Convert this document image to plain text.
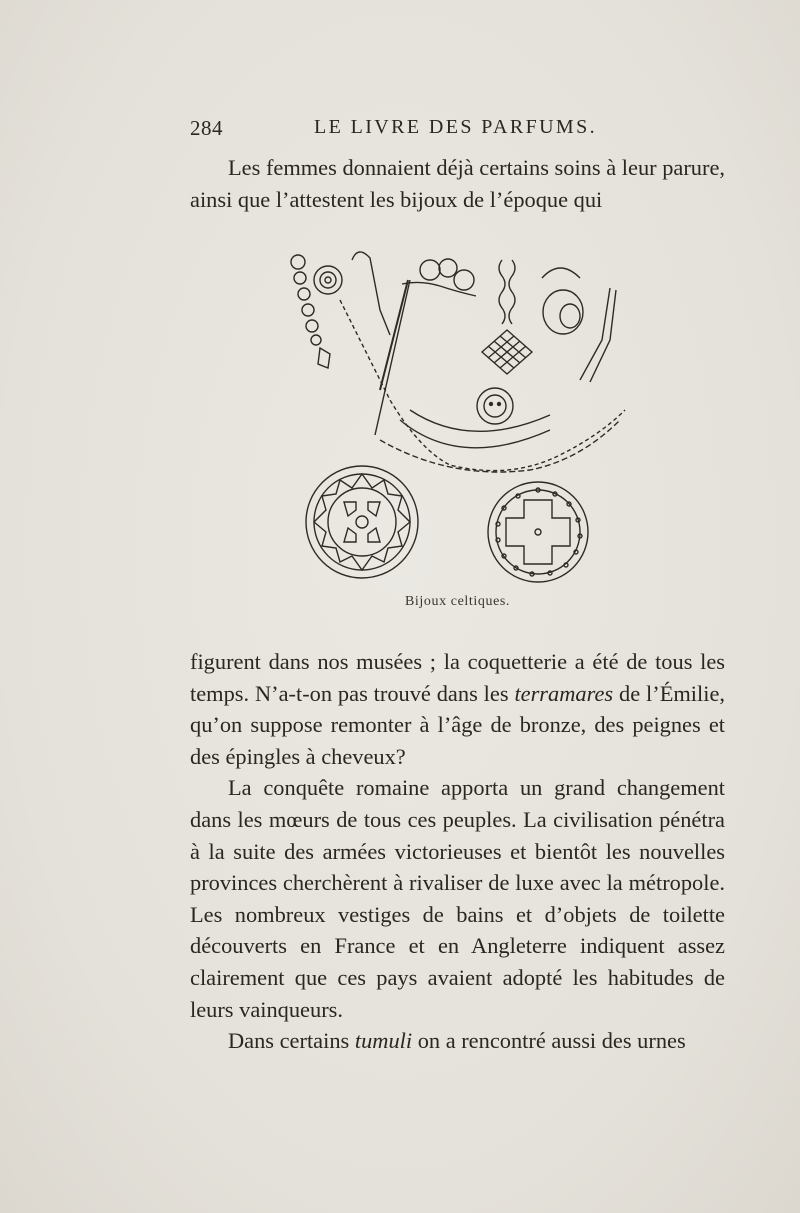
284	LE LIVRE DES PARFUMS.

Les femmes donnaient déjà certains soins à leur parure, ainsi que l’attestent les bijoux de l’époque qui

Bijoux celtiques.

figurent dans nos musées ; la coquetterie a été de tous les temps. N’a-t-on pas trouvé dans les terramares de l’Émilie, qu’on suppose remonter à l’âge de bronze, des peignes et des épingles à cheveux?

La conquête romaine apporta un grand changement dans les mœurs de tous ces peuples. La civilisation pénétra à la suite des armées victorieuses et bientôt les nouvelles provinces cherchèrent à rivaliser de luxe avec la métropole. Les nombreux vestiges de bains et d’objets de toilette découverts en France et en Angleterre indiquent assez clairement que ces pays avaient adopté les habitudes de leurs vainqueurs.

Dans certains tumuli on a rencontré aussi des urnes
